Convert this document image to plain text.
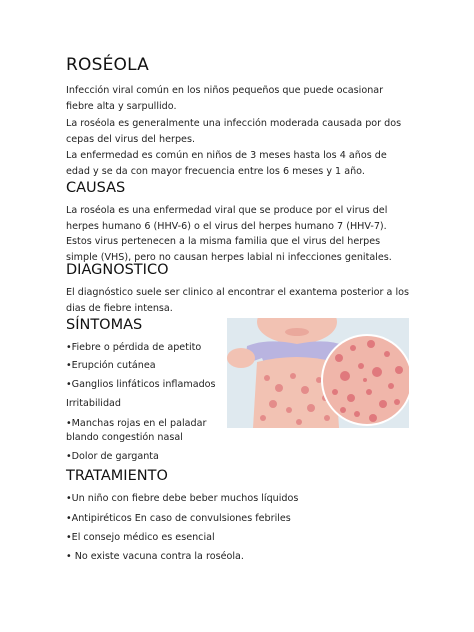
ROSÉOLA

Infección viral común en los niños pequeños que puede ocasionar fiebre alta y sarpullido.

La roséola es generalmente una infección moderada causada por dos cepas del virus del herpes.

La enfermedad es común en niños de 3 meses hasta los 4 años de edad y se da con mayor frecuencia entre los 6 meses y 1 año.

CAUSAS

La roséola es una enfermedad viral que se produce por el virus del herpes humano 6 (HHV-6) o el virus del herpes humano 7 (HHV-7). Estos virus pertenecen a la misma familia que el virus del herpes simple (VHS), pero no causan herpes labial ni infecciones genitales.

DIAGNOSTICO

El diagnóstico suele ser clinico al encontrar el exantema posterior a los dias de fiebre intensa.

SÍNTOMAS
•Fiebre o pérdida de apetito
•Erupción cutánea
•Ganglios linfáticos inflamados
Irritabilidad
•Manchas rojas en el paladar
blando congestión nasal
•Dolor de garganta
TRATAMIENTO
•Un niño con fiebre debe beber muchos líquidos
•Antipiréticos En caso de convulsiones febriles
•El consejo médico es esencial
• No existe vacuna contra la roséola.
